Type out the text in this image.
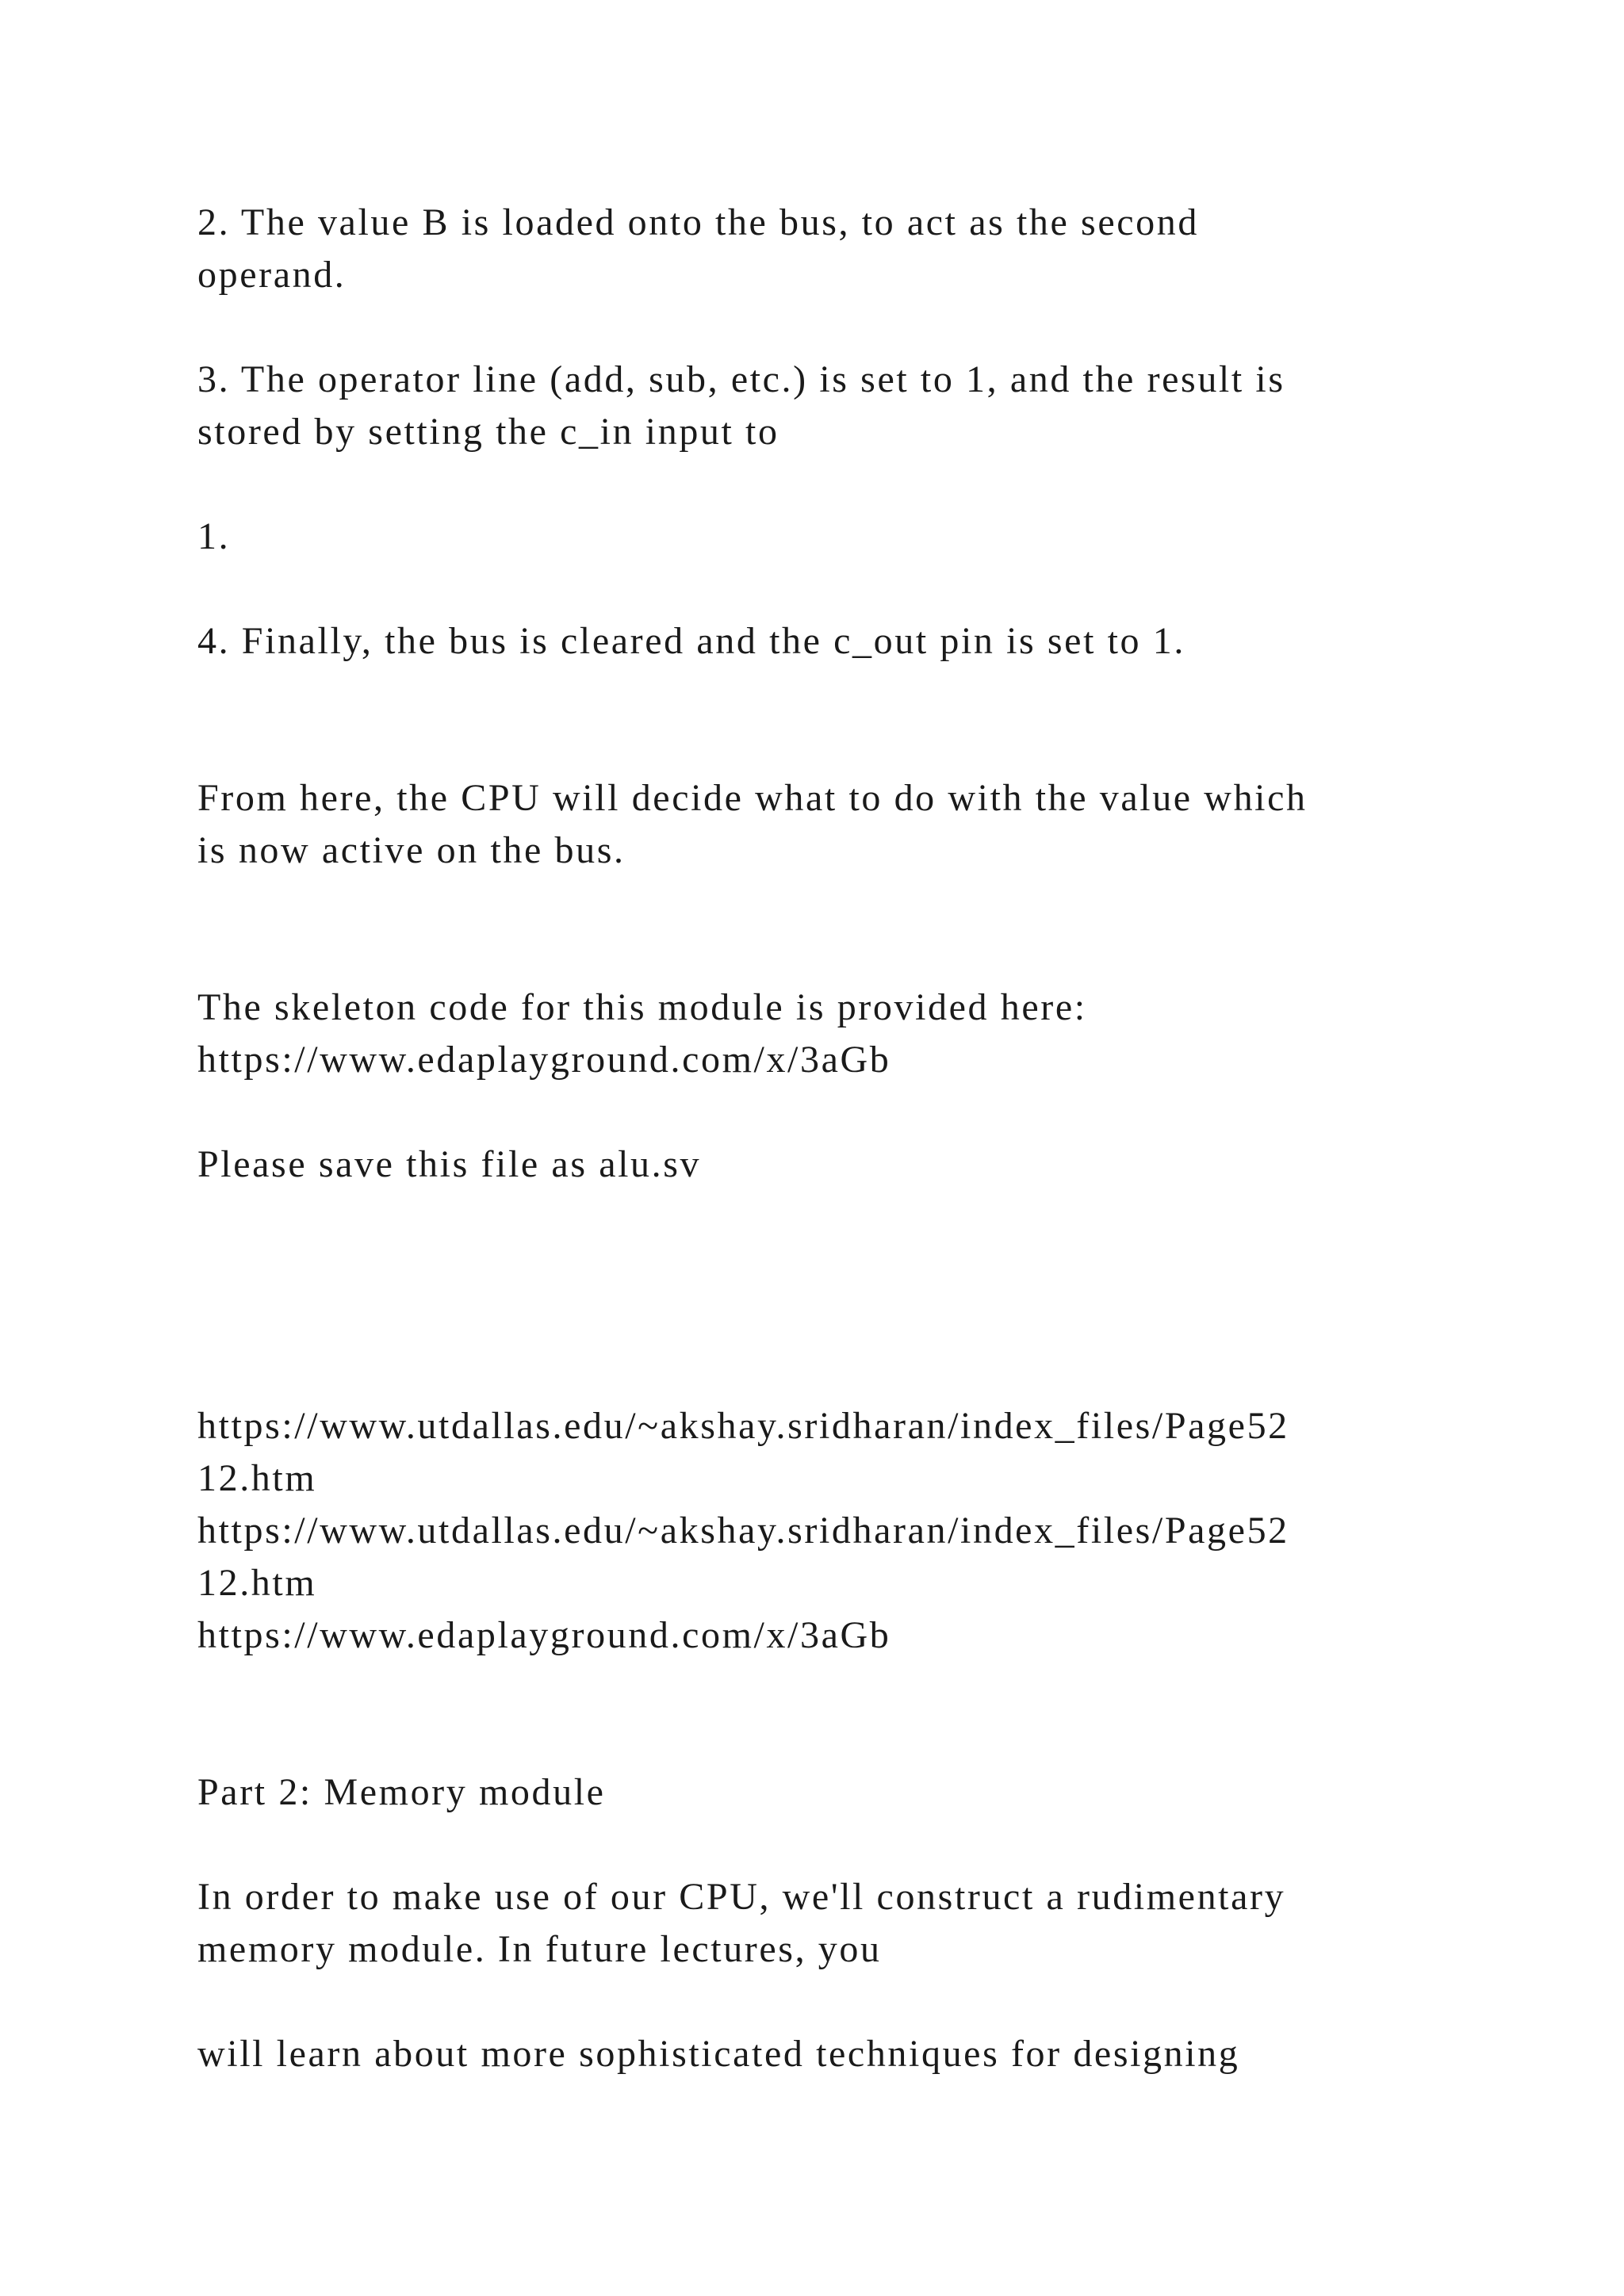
2. The value B is loaded onto the bus, to act as the second

operand.

3. The operator line (add, sub, etc.) is set to 1, and the result is

stored by setting the c_in input to

1.

4. Finally, the bus is cleared and the c_out pin is set to 1.

From here, the CPU will decide what to do with the value which

is now active on the bus.

The skeleton code for this module is provided here:

https://www.edaplayground.com/x/3aGb

Please save this file as alu.sv

https://www.utdallas.edu/~akshay.sridharan/index_files/Page52

12.htm

https://www.utdallas.edu/~akshay.sridharan/index_files/Page52

12.htm

https://www.edaplayground.com/x/3aGb

Part 2: Memory module

In order to make use of our CPU, we'll construct a rudimentary

memory module. In future lectures, you

will learn about more sophisticated techniques for designing
